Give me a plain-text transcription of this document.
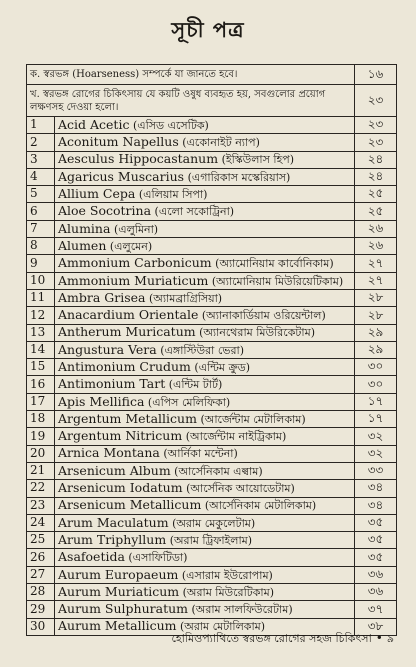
সূচী পত্র
ক. স্বরভঙ্গ (Hoarseness) সম্পর্কে যা জানতে হবে।		১৬
খ. স্বরভঙ্গ রোগের চিকিৎসায় যে কয়টি ওষুধ ব্যবহৃত হয়, সবগুলোর প্রয়োগ লক্ষণসহ দেওয়া হলো।		২৩
1	Acid Acetic (এসিড এসেটিক)	২৩
2	Aconitum Napellus (একোনাইট ন্যাপ)	২৩
3	Aesculus Hippocastanum (ইস্কিউলাস হিপ)	২৪
4	Agaricus Muscarius (এগারিকাস মস্কেরিয়াস)	২৪
5	Allium Cepa (এলিয়াম সিপা)	২৫
6	Aloe Socotrina (এলো সকোট্রিনা)	২৫
7	Alumina (এলুমিনা)	২৬
8	Alumen (এলুমেন)	২৬
9	Ammonium Carbonicum (অ্যামোনিয়াম কার্বোনিকাম)	২৭
10	Ammonium Muriaticum (অ্যামোনিয়াম মিউরিয়েটিকাম)	২৭
11	Ambra Grisea (অ্যামব্রাগ্রিসিয়া)	২৮
12	Anacardium Orientale (অ্যানাকার্ডিয়াম ওরিয়েন্টাল)	২৮
13	Antherum Muricatum (অ্যানথেরাম মিউরিকেটাম)	২৯
14	Angustura Vera (এঙ্গাস্টিউরা ভেরা)	২৯
15	Antimonium Crudum (এন্টিম ক্রুড)	৩০
16	Antimonium Tart (এন্টিম টার্ট)	৩০
17	Apis Mellifica (এপিস মেলিফিকা)	১৭
18	Argentum Metallicum (আর্জেন্টাম মেটালিকাম)	১৭
19	Argentum Nitricum (আর্জেন্টাম নাইট্রিকাম)	৩২
20	Arnica Montana (আর্নিকা মন্টেনা)	৩২
21	Arsenicum Album (আর্সেনিকাম এল্বাম)	৩৩
22	Arsenicum Iodatum (আর্সেনিক আয়োডেটাম)	৩৪
23	Arsenicum Metallicum (আর্সেনিকাম মেটালিকাম)	৩৪
24	Arum Maculatum (অরাম মেকুলেটাম)	৩৫
25	Arum Triphyllum (অরাম ট্রিফাইলাম)	৩৫
26	Asafoetida (এসাফিটিডা)	৩৫
27	Aurum Europaeum (এসারাম ইউরোপাম)	৩৬
28	Aurum Muriaticum (অরাম মিউরেটিকাম)	৩৬
29	Aurum Sulphuratum (অরাম সালফিউরেটাম)	৩৭
30	Aurum Metallicum (অরাম মেটালিকাম)	৩৮
হোমিওপ্যাথিতে স্বরভঙ্গ রোগের সহজ চিকিৎসা • ৯
